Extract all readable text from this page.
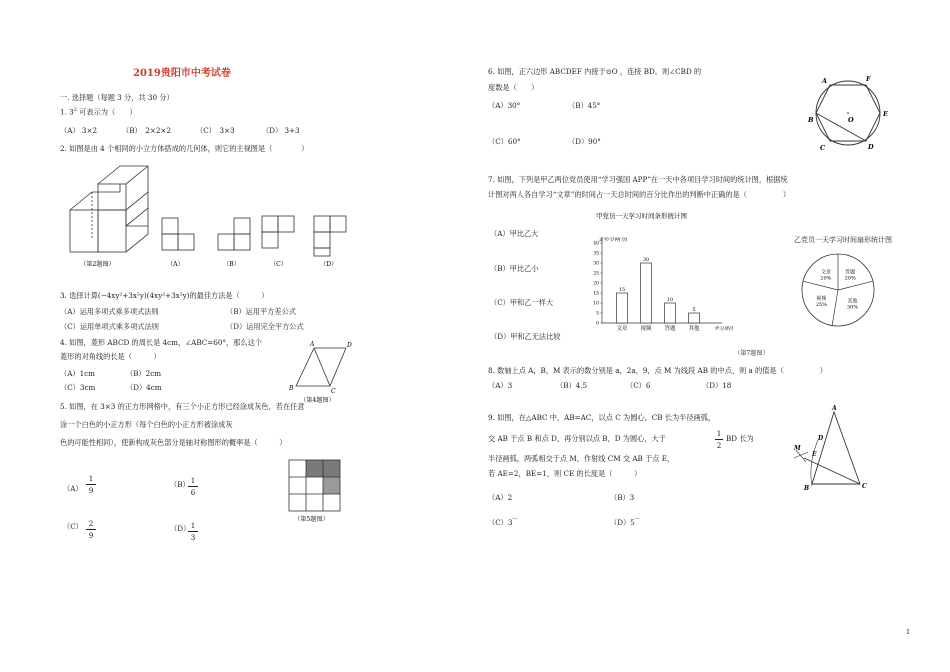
2019贵阳市中考试卷
一. 选择题（每题 3 分，共 30 分）
1. $3^2$ 可表示为（　　）
（A） 3×2	（B）　 2×2×2	（C）　 3×3	（D） 3+3
2. 如图是由 4 个相同的小立方体搭成的几何体，则它的主视图是（　　　　）
（第2题图）	（A）	（B）	（C）	（D）
3. 选择计算(−4xy²+3x²y)(4xy²+3x²y)的最佳方法是（　　　）
（A）运用多项式乘多项式法则	（B）运用平方差公式
（C）运用单项式乘多项式法则	（D）运用完全平方公式
4. 如图，菱形 ABCD 的周长是 4cm，∠ABC=60°，那么这个
菱形的对角线的长是（　　　）
（A）1cm	（B）2cm
（C）3cm	（D）4cm
A
B	C
D
（第4题图）
5. 如图，在 3×3 的正方形网格中，有三个小正方形已经涂成灰色，若在任意
涂一个白色的小正方形（每个白色的小正方形被涂成灰
色的可能性相同），使新构成灰色部分是轴对称图形的概率是（　　　）
（A）
1
9
（B） 1
6
（C） 2
9
（D） 1
3
（第5题图）
6. 如图，正六边形 ABCDEF 内接于⊙O ，连接 BD。则∠CBD 的
度数是（　　）
（A）30°	（B）45°
（C）60°	（D）90°
A	F
B	O
E
C	D
7. 如图，下列是甲乙两位党员使用“学习强国 APP”在一天中各项目学习时间的统计图，根据统
计图对两人各自学习“文章”的时间占一天总时间的百分比作出的判断中正确的是（　　　　　）
（A）甲比乙大
（B）甲比乙小
（C）甲和乙一样大
（D）甲和乙无法比较
甲党员一天学习时间条形统计图
文字/分钟(分)
学习项目
0
5
10
15
20
25
30
35
40
15
文章
30
视频
10
答题
5
其他
乙党员一天学习时间扇形统计图
答题
20%
其他
30%
视频
25%
文章
20%
（第7题图）
8. 数轴上点 A，B，M 表示的数分别是 a，2a，9，点 M 为线段 AB 的中点，则 a 的值是（　　　　　）
（A）3	（B）4.5	（C）6	（D）18
9. 如图，在△ABC 中，AB=AC，以点 C 为圆心，CB 长为半径画弧，
交 AB 于点 B 和点 D，再分别以点 B，D 为圆心，大于
1
2
BD 长为
半径画弧，两弧相交于点 M，作射线 CM 交 AB 于点 E，
若 AE=2，BE=1，则 CE 的长度是（　　　）
（A）2	（B）3
（C）3—	（D）5—
A
D
E
M
B	C
1
